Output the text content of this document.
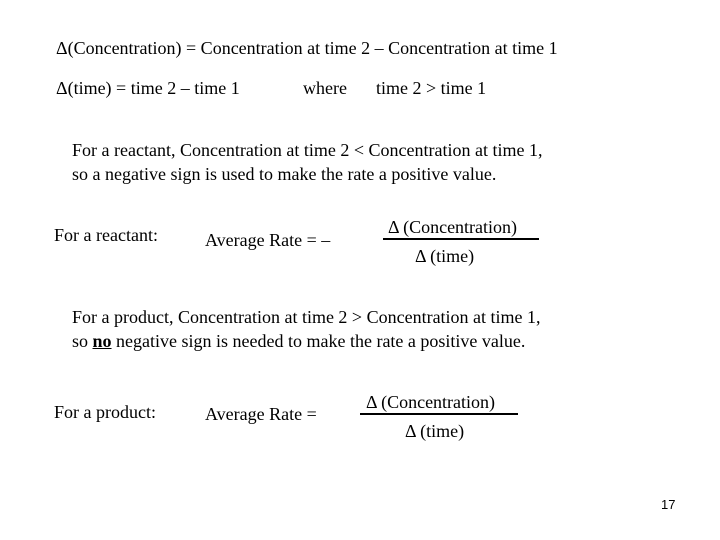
Δ(Concentration) = Concentration at time 2 – Concentration at time 1
Δ(time) = time 2 – time 1	where time 2 > time 1
For a reactant, Concentration at time 2 < Concentration at time 1,
so a negative sign is used to make the rate a positive value.
For a reactant:	Average Rate = –
Δ (Concentration)
Δ (time)
For a product, Concentration at time 2 > Concentration at time 1,
so no negative sign is needed to make the rate a positive value.
For a product:	Average Rate =
Δ (Concentration)
Δ (time)
17
